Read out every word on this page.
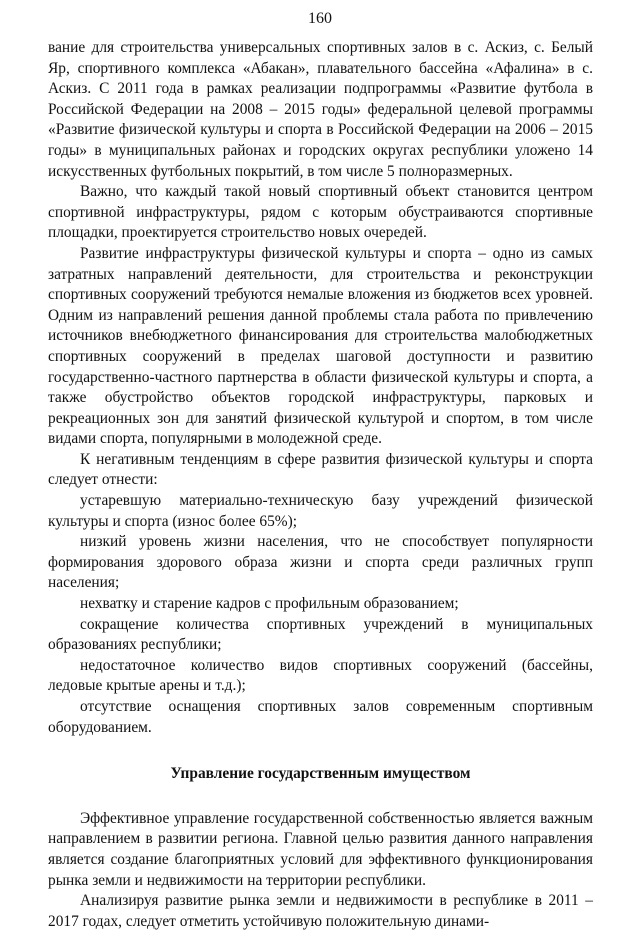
160

вание для строительства универсальных спортивных залов в с. Аскиз, с. Белый Яр, спортивного комплекса «Абакан», плавательного бассейна «Афалина» в с. Аскиз. С 2011 года в рамках реализации подпрограммы «Развитие футбола в Российской Федерации на 2008 – 2015 годы» федеральной целевой программы «Развитие физической культуры и спорта в Российской Федерации на 2006 – 2015 годы» в муниципальных районах и городских округах республики уложено 14 искусственных футбольных покрытий, в том числе 5 полноразмерных.

Важно, что каждый такой новый спортивный объект становится центром спортивной инфраструктуры, рядом с которым обустраиваются спортивные площадки, проектируется строительство новых очередей.

Развитие инфраструктуры физической культуры и спорта – одно из самых затратных направлений деятельности, для строительства и реконструкции спортивных сооружений требуются немалые вложения из бюджетов всех уровней. Одним из направлений решения данной проблемы стала работа по привлечению источников внебюджетного финансирования для строительства малобюджетных спортивных сооружений в пределах шаговой доступности и развитию государственно-частного партнерства в области физической культуры и спорта, а также обустройство объектов городской инфраструктуры, парковых и рекреационных зон для занятий физической культурой и спортом, в том числе видами спорта, популярными в молодежной среде.

К негативным тенденциям в сфере развития физической культуры и спорта следует отнести:

устаревшую материально-техническую базу учреждений физической культуры и спорта (износ более 65%);

низкий уровень жизни населения, что не способствует популярности формирования здорового образа жизни и спорта среди различных групп населения;

нехватку и старение кадров с профильным образованием;

сокращение количества спортивных учреждений в муниципальных образованиях республики;

недостаточное количество видов спортивных сооружений (бассейны, ледовые крытые арены и т.д.);

отсутствие оснащения спортивных залов современным спортивным оборудованием.

Управление государственным имуществом

Эффективное управление государственной собственностью является важным направлением в развитии региона. Главной целью развития данного направления является создание благоприятных условий для эффективного функционирования рынка земли и недвижимости на территории республики.

Анализируя развитие рынка земли и недвижимости в республике в 2011 – 2017 годах, следует отметить устойчивую положительную динами-
